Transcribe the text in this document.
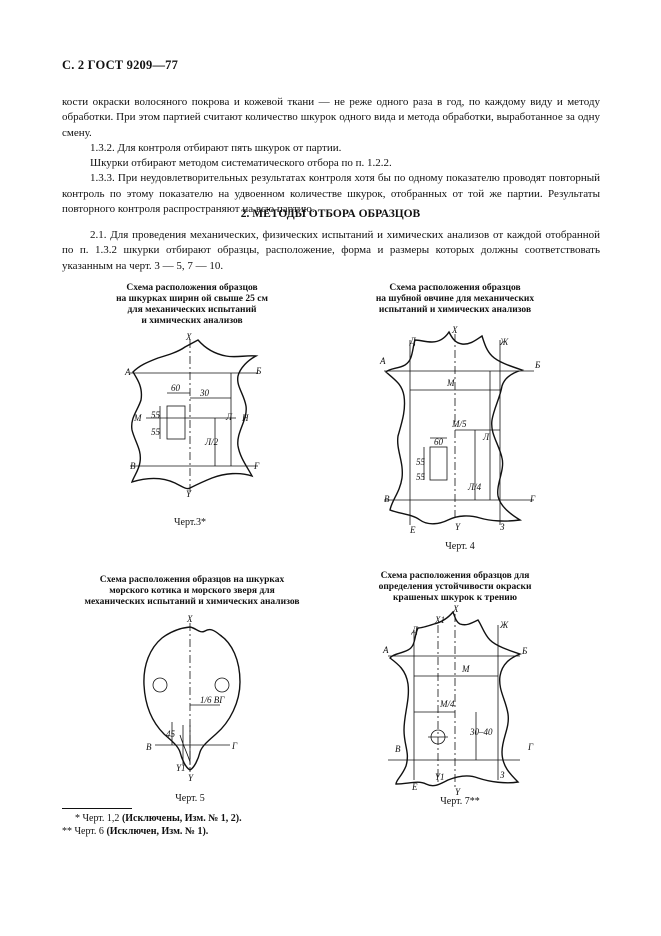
С. 2 ГОСТ 9209—77

кости окраски волосяного покрова и кожевой ткани — не реже одного раза в год, по каждому виду и методу обработки. При этом партией считают количество шкурок одного вида и метода обработки, выработанное за одну смену.

1.3.2. Для контроля отбирают пять шкурок от партии.

Шкурки отбирают методом систематического отбора по п. 1.2.2.

1.3.3. При неудовлетворительных результатах контроля хотя бы по одному показателю проводят повторный контроль по этому показателю на удвоенном количестве шкурок, отобранных от той же партии. Результаты повторного контроля распространяют на всю партию.

2. МЕТОДЫ ОТБОРА ОБРАЗЦОВ

2.1. Для проведения механических, физических испытаний и химических анализов от каждой отобранной по п. 1.3.2 шкурки отбирают образцы, расположение, форма и размеры которых должны соответствовать указанным на черт. 3 — 5, 7 — 10.

Схема расположения образцов
на шкурках ширин ой свыше 25 см
для механических испытаний
и химических анализов
X
Y
А	Б
М	Н
В	Г
60 30
55
55
Л
Л/2
Черт.3*
Схема расположения образцов
на шубной овчине для механических
испытаний и химических анализов
X
Y
Д	Ж
А	Б
М
М/5
60
55
55
Л
Л/4
В	Г
Е	З
Черт. 4
Схема расположения образцов на шкурках
морского котика и морского зверя для
механических испытаний и химических анализов
X
Y
Y1
В	Г
45
1/6 ВГ
Черт. 5
Схема расположения образцов для
определения устойчивости окраски
крашеных шкурок к трению
X
X1
Y
Y1
Д	Ж
А	Б
М
М/4
30–40
В	Г
Е
З
Черт. 7**
* Черт. 1,2 (Исключены, Изм. № 1, 2).
** Черт. 6 (Исключен, Изм. № 1).
